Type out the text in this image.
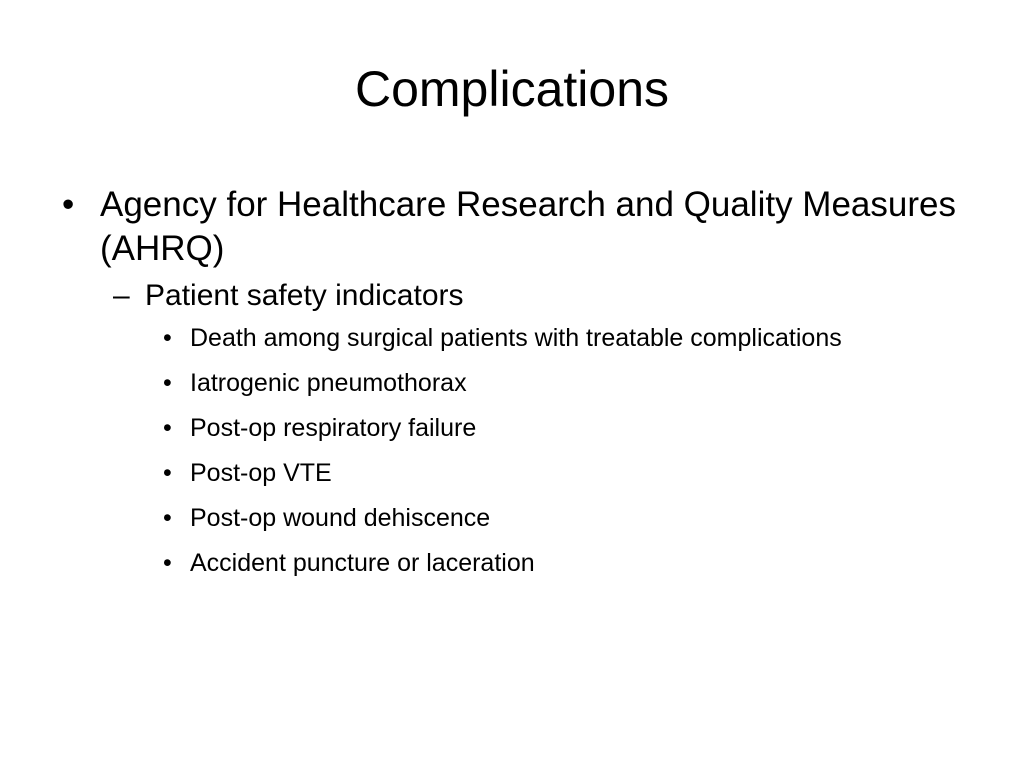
Complications
• Agency for Healthcare Research and Quality Measures (AHRQ)
– Patient safety indicators
• Death among surgical patients with treatable complications
• Iatrogenic pneumothorax
• Post-op respiratory failure
• Post-op VTE
• Post-op wound dehiscence
• Accident puncture or laceration
